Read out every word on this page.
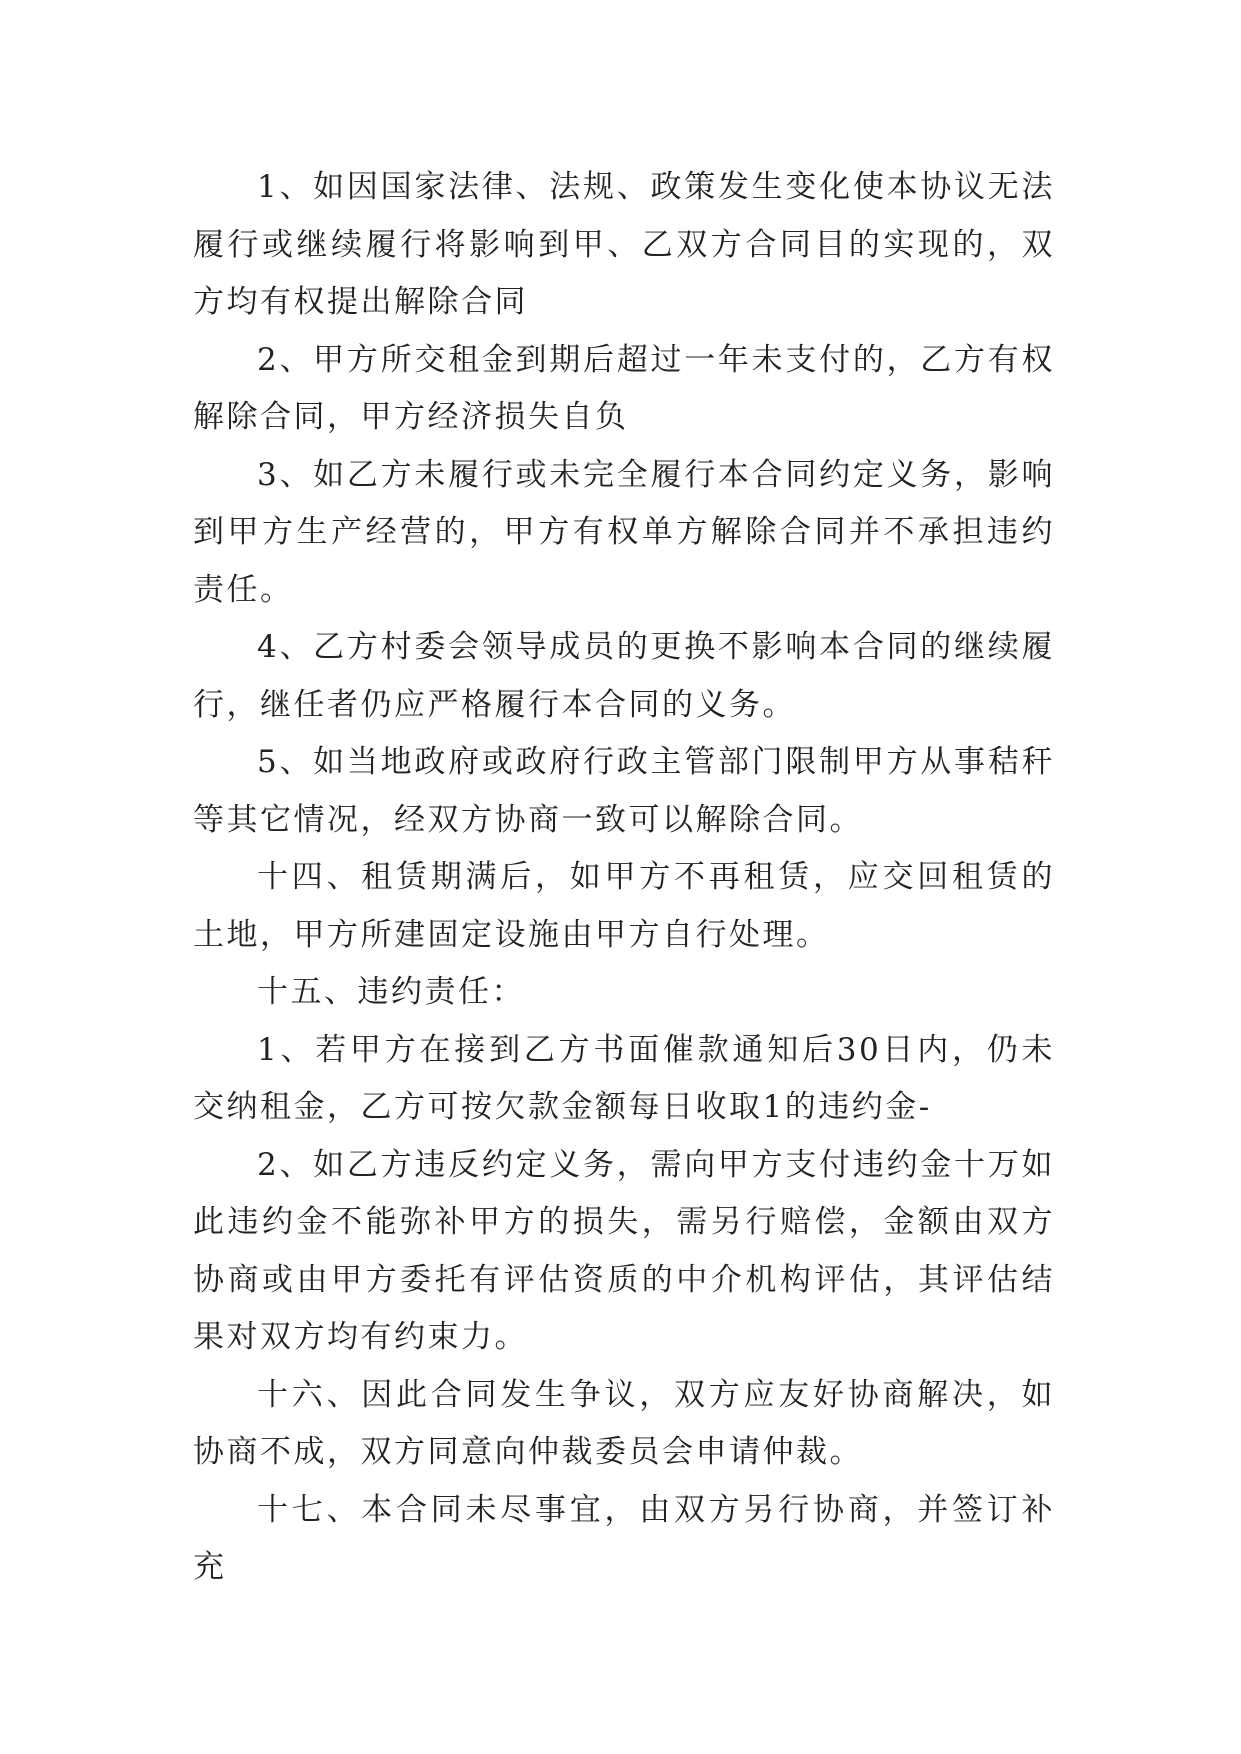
1、如因国家法律、法规、政策发生变化使本协议无法履行或继续履行将影响到甲、乙双方合同目的实现的，双方均有权提出解除合同

2、甲方所交租金到期后超过一年未支付的，乙方有权解除合同，甲方经济损失自负

3、如乙方未履行或未完全履行本合同约定义务，影响到甲方生产经营的，甲方有权单方解除合同并不承担违约责任。

4、乙方村委会领导成员的更换不影响本合同的继续履行，继任者仍应严格履行本合同的义务。

5、如当地政府或政府行政主管部门限制甲方从事秸秆等其它情况，经双方协商一致可以解除合同。

十四、租赁期满后，如甲方不再租赁，应交回租赁的土地，甲方所建固定设施由甲方自行处理。

十五、违约责任：

1、若甲方在接到乙方书面催款通知后30日内，仍未交纳租金，乙方可按欠款金额每日收取1的违约金-

2、如乙方违反约定义务，需向甲方支付违约金十万如此违约金不能弥补甲方的损失，需另行赔偿，金额由双方协商或由甲方委托有评估资质的中介机构评估，其评估结果对双方均有约束力。

十六、因此合同发生争议，双方应友好协商解决，如协商不成，双方同意向仲裁委员会申请仲裁。

十七、本合同未尽事宜，由双方另行协商，并签订补充
